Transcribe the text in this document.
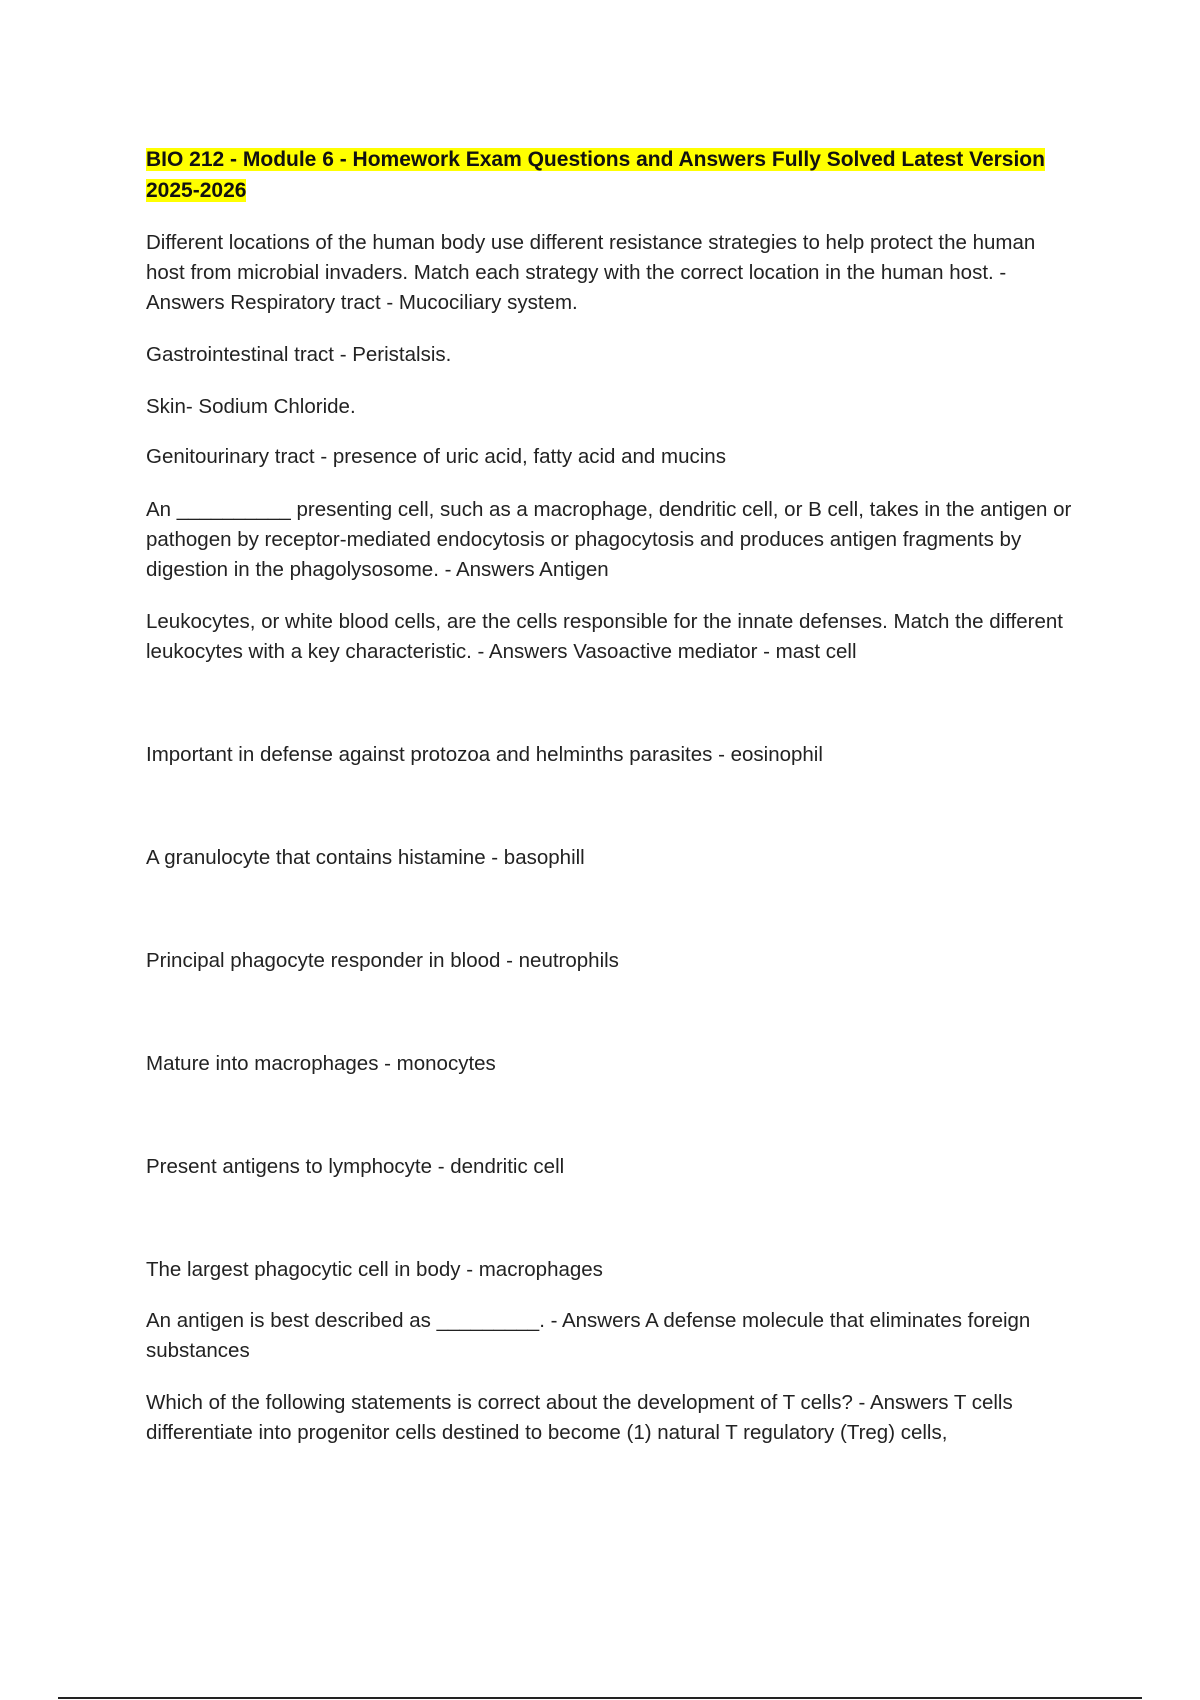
BIO 212 - Module 6 - Homework Exam Questions and Answers Fully Solved Latest Version 2025-2026

Different locations of the human body use different resistance strategies to help protect the human host from microbial invaders. Match each strategy with the correct location in the human host. - Answers Respiratory tract - Mucociliary system.

Gastrointestinal tract - Peristalsis.

Skin- Sodium Chloride.

Genitourinary tract - presence of uric acid, fatty acid and mucins

An __________ presenting cell, such as a macrophage, dendritic cell, or B cell, takes in the antigen or pathogen by receptor-mediated endocytosis or phagocytosis and produces antigen fragments by digestion in the phagolysosome. - Answers Antigen

Leukocytes, or white blood cells, are the cells responsible for the innate defenses. Match the different leukocytes with a key characteristic. - Answers Vasoactive mediator - mast cell

Important in defense against protozoa and helminths parasites - eosinophil

A granulocyte that contains histamine - basophill

Principal phagocyte responder in blood - neutrophils

Mature into macrophages - monocytes

Present antigens to lymphocyte - dendritic cell

The largest phagocytic cell in body - macrophages

An antigen is best described as _________. - Answers A defense molecule that eliminates foreign substances

Which of the following statements is correct about the development of T cells? - Answers T cells differentiate into progenitor cells destined to become (1) natural T regulatory (Treg) cells,
